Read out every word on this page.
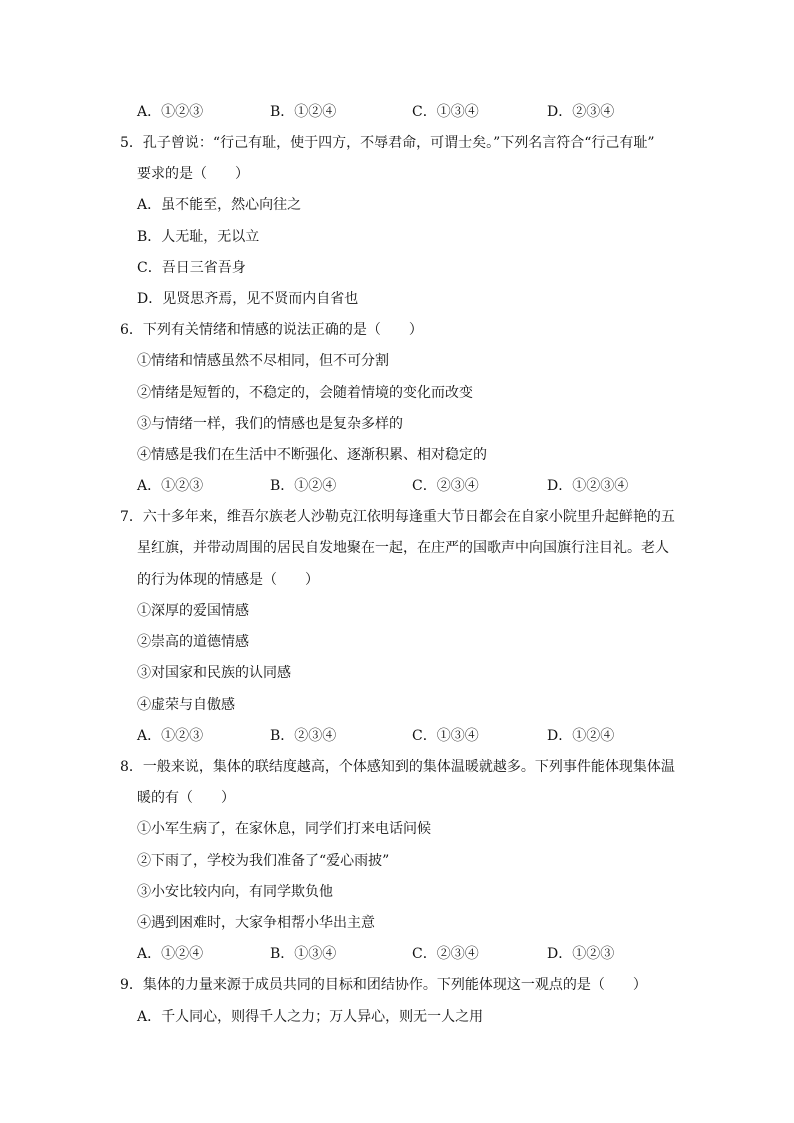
A．①②③	B．①②④	C．①③④	D．②③④
5．孔子曾说：“行己有耻，使于四方，不辱君命，可谓士矣。”下列名言符合“行己有耻”
要求的是（　　）
A．虽不能至，然心向往之
B．人无耻，无以立
C．吾日三省吾身
D．见贤思齐焉，见不贤而内自省也
6．下列有关情绪和情感的说法正确的是（　　）
①情绪和情感虽然不尽相同，但不可分割
②情绪是短暂的，不稳定的，会随着情境的变化而改变
③与情绪一样，我们的情感也是复杂多样的
④情感是我们在生活中不断强化、逐渐积累、相对稳定的
A．①②③	B．①②④	C．②③④	D．①②③④
7．六十多年来，维吾尔族老人沙勒克江依明每逢重大节日都会在自家小院里升起鲜艳的五
星红旗，并带动周围的居民自发地聚在一起，在庄严的国歌声中向国旗行注目礼。老人
的行为体现的情感是（　　）
①深厚的爱国情感
②崇高的道德情感
③对国家和民族的认同感
④虚荣与自傲感
A．①②③	B．②③④	C．①③④	D．①②④
8．一般来说，集体的联结度越高，个体感知到的集体温暖就越多。下列事件能体现集体温
暖的有（　　）
①小军生病了，在家休息，同学们打来电话问候
②下雨了，学校为我们准备了“爱心雨披”
③小安比较内向，有同学欺负他
④遇到困难时，大家争相帮小华出主意
A．①②④	B．①③④	C．②③④	D．①②③
9．集体的力量来源于成员共同的目标和团结协作。下列能体现这一观点的是（　　）
A．千人同心，则得千人之力；万人异心，则无一人之用
